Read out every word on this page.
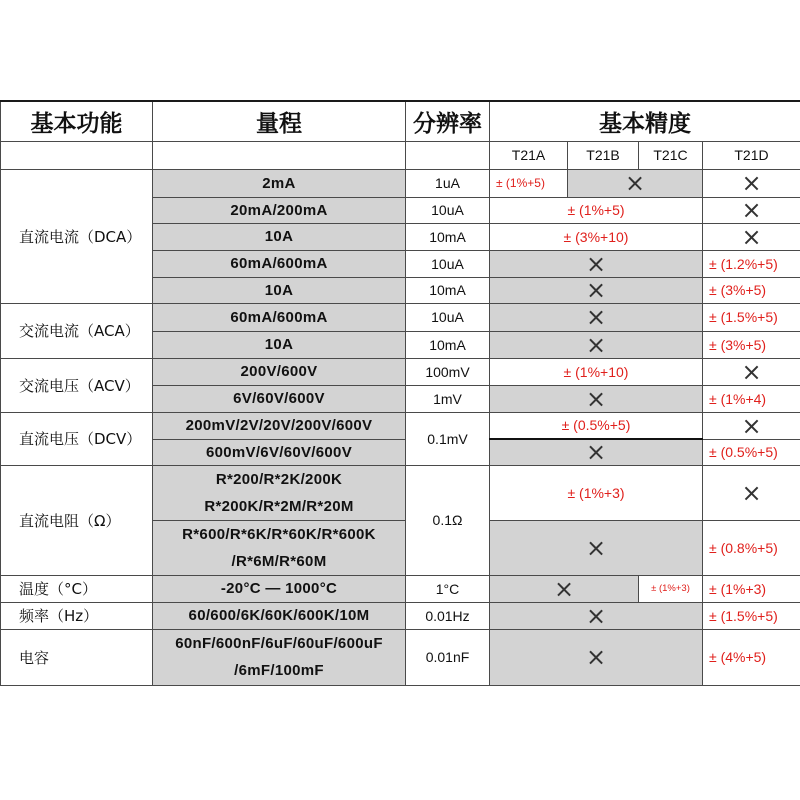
基本功能	量程	分辨率	基本精度			
			T21A	T21B	T21C	T21D
直流电流（DCA）	2mA	1uA	± (1%+5)	×		×
	20mA/200mA	10uA	± (1%+5)			×
	10A	10mA	± (3%+10)			×
	60mA/600mA	10uA	×			± (1.2%+5)
	10A	10mA	×			± (3%+5)
交流电流（ACA）	60mA/600mA	10uA	×			± (1.5%+5)
	10A	10mA	×			± (3%+5)
交流电压（ACV）	200V/600V	100mV	± (1%+10)			×
	6V/60V/600V	1mV	×			± (1%+4)
直流电压（DCV）	200mV/2V/20V/200V/600V	0.1mV	± (0.5%+5)			×
	600mV/6V/60V/600V		×			± (0.5%+5)
直流电阻（Ω）	R*200/R*2K/200K
R*200K/R*2M/R*20M	0.1Ω	± (1%+3)			×

	R*600/R*6K/R*60K/R*600K
/R*6M/R*60M		×			± (0.8%+5)
温度（°C）	-20°C — 1000°C	1°C	×		± (1%+3)	± (1%+3)
频率（Hz）	60/600/6K/60K/600K/10M	0.01Hz	×			± (1.5%+5)
电容	60nF/600nF/6uF/60uF/600uF
/6mF/100mF	0.01nF	×			± (4%+5)
